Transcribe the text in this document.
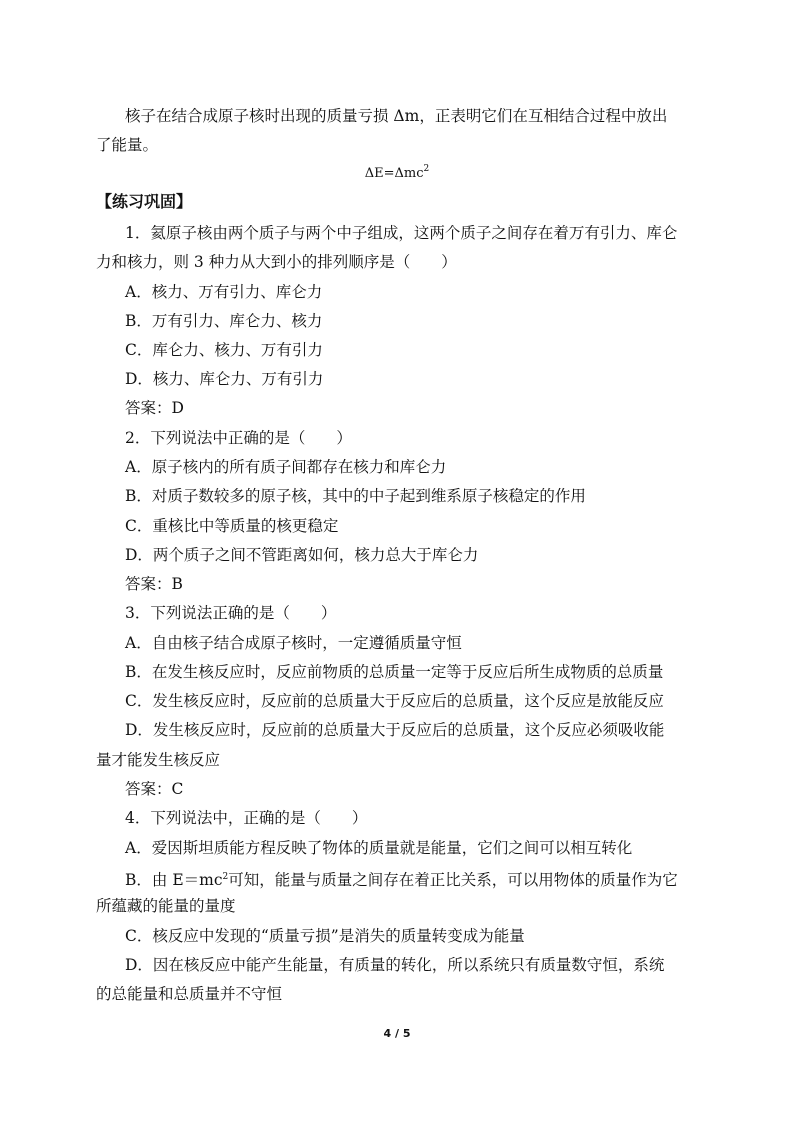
核子在结合成原子核时出现的质量亏损 Δm，正表明它们在互相结合过程中放出
了能量。
ΔE=Δmc$^2$
【练习巩固】
1．氦原子核由两个质子与两个中子组成，这两个质子之间存在着万有引力、库仑
力和核力，则 3 种力从大到小的排列顺序是（　　）
A．核力、万有引力、库仑力
B．万有引力、库仑力、核力
C．库仑力、核力、万有引力
D．核力、库仑力、万有引力
答案：D
2．下列说法中正确的是（　　）
A．原子核内的所有质子间都存在核力和库仑力
B．对质子数较多的原子核，其中的中子起到维系原子核稳定的作用
C．重核比中等质量的核更稳定
D．两个质子之间不管距离如何，核力总大于库仑力
答案：B
3．下列说法正确的是（　　）
A．自由核子结合成原子核时，一定遵循质量守恒
B．在发生核反应时，反应前物质的总质量一定等于反应后所生成物质的总质量
C．发生核反应时，反应前的总质量大于反应后的总质量，这个反应是放能反应
D．发生核反应时，反应前的总质量大于反应后的总质量，这个反应必须吸收能
量才能发生核反应
答案：C
4．下列说法中，正确的是（　　）
A．爱因斯坦质能方程反映了物体的质量就是能量，它们之间可以相互转化
B．由 $E=mc^2$可知，能量与质量之间存在着正比关系，可以用物体的质量作为它
所蕴藏的能量的量度
C．核反应中发现的“质量亏损”是消失的质量转变成为能量
D．因在核反应中能产生能量，有质量的转化，所以系统只有质量数守恒，系统
的总能量和总质量并不守恒
4 / 5
